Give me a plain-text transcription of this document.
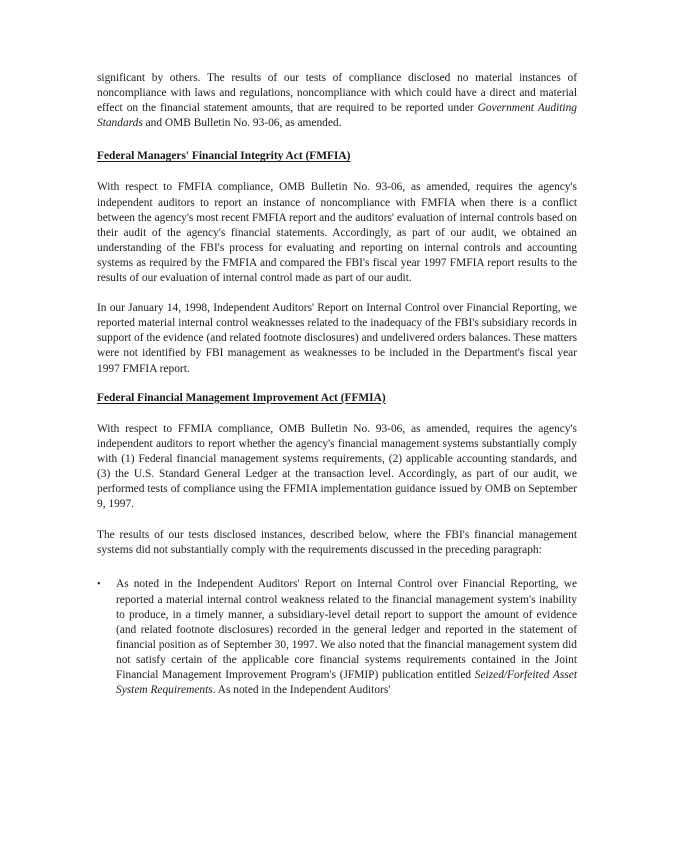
significant by others. The results of our tests of compliance disclosed no material instances of noncompliance with laws and regulations, noncompliance with which could have a direct and material effect on the financial statement amounts, that are required to be reported under Government Auditing Standards and OMB Bulletin No. 93-06, as amended.

Federal Managers' Financial Integrity Act (FMFIA)

With respect to FMFIA compliance, OMB Bulletin No. 93-06, as amended, requires the agency's independent auditors to report an instance of noncompliance with FMFIA when there is a conflict between the agency's most recent FMFIA report and the auditors' evaluation of internal controls based on their audit of the agency's financial statements. Accordingly, as part of our audit, we obtained an understanding of the FBI's process for evaluating and reporting on internal controls and accounting systems as required by the FMFIA and compared the FBI's fiscal year 1997 FMFIA report results to the results of our evaluation of internal control made as part of our audit.

In our January 14, 1998, Independent Auditors' Report on Internal Control over Financial Reporting, we reported material internal control weaknesses related to the inadequacy of the FBI's subsidiary records in support of the evidence (and related footnote disclosures) and undelivered orders balances. These matters were not identified by FBI management as weaknesses to be included in the Department's fiscal year 1997 FMFIA report.

Federal Financial Management Improvement Act (FFMIA)

With respect to FFMIA compliance, OMB Bulletin No. 93-06, as amended, requires the agency's independent auditors to report whether the agency's financial management systems substantially comply with (1) Federal financial management systems requirements, (2) applicable accounting standards, and (3) the U.S. Standard General Ledger at the transaction level. Accordingly, as part of our audit, we performed tests of compliance using the FFMIA implementation guidance issued by OMB on September 9, 1997.

The results of our tests disclosed instances, described below, where the FBI's financial management systems did not substantially comply with the requirements discussed in the preceding paragraph:

• As noted in the Independent Auditors' Report on Internal Control over Financial Reporting, we reported a material internal control weakness related to the financial management system's inability to produce, in a timely manner, a subsidiary-level detail report to support the amount of evidence (and related footnote disclosures) recorded in the general ledger and reported in the statement of financial position as of September 30, 1997. We also noted that the financial management system did not satisfy certain of the applicable core financial systems requirements contained in the Joint Financial Management Improvement Program's (JFMIP) publication entitled Seized/Forfeited Asset System Requirements. As noted in the Independent Auditors'
